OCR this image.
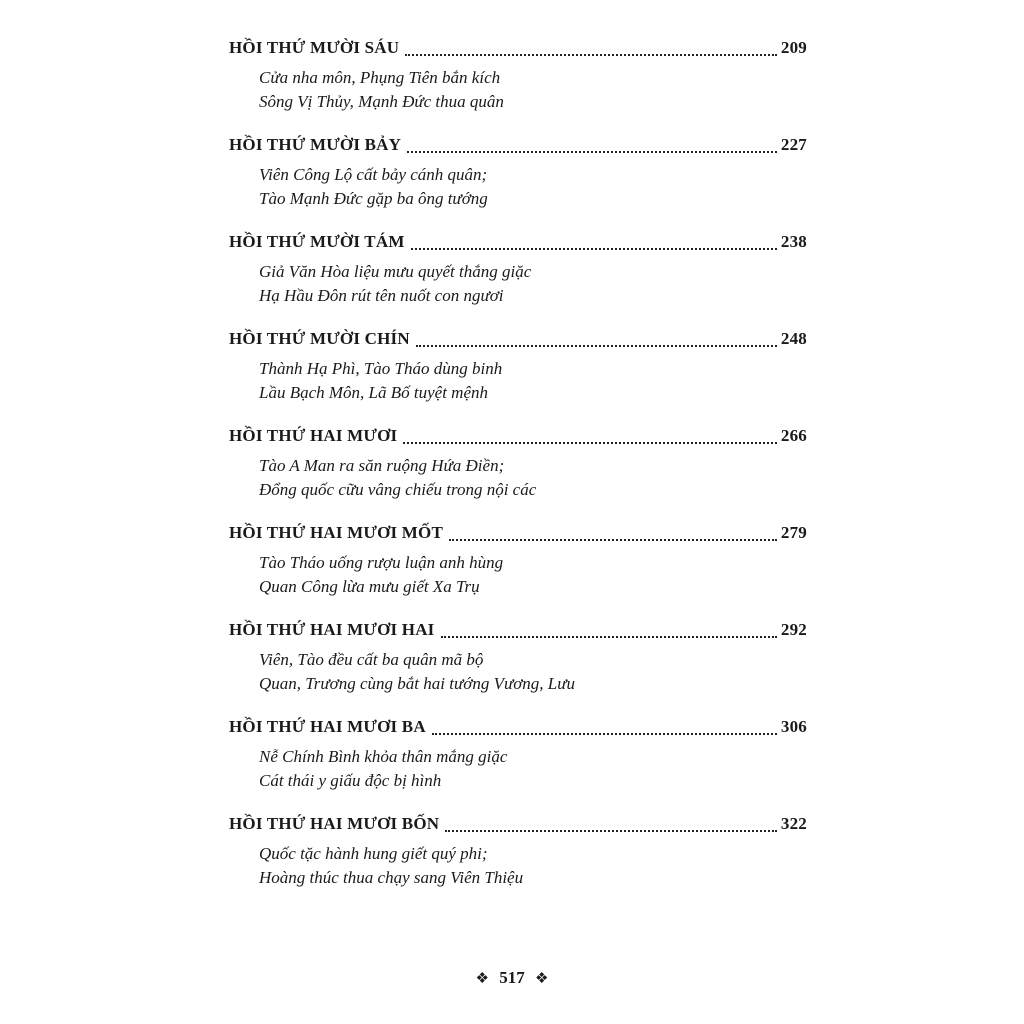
HỒI THỨ MƯỜI SÁU	209
Cửa nha môn, Phụng Tiên bắn kích
Sông Vị Thủy, Mạnh Đức thua quân
HỒI THỨ MƯỜI BẢY	227
Viên Công Lộ cất bảy cánh quân;
Tào Mạnh Đức gặp ba ông tướng
HỒI THỨ MƯỜI TÁM	238
Giả Văn Hòa liệu mưu quyết thắng giặc
Hạ Hầu Đôn rút tên nuốt con ngươi
HỒI THỨ MƯỜI CHÍN	248
Thành Hạ Phì, Tào Tháo dùng binh
Lầu Bạch Môn, Lã Bố tuyệt mệnh
HỒI THỨ HAI MƯƠI	266
Tào A Man ra săn ruộng Hứa Điền;
Đổng quốc cữu vâng chiếu trong nội các
HỒI THỨ HAI MƯƠI MỐT	279
Tào Tháo uống rượu luận anh hùng
Quan Công lừa mưu giết Xa Trụ
HỒI THỨ HAI MƯƠI HAI	292
Viên, Tào đều cất ba quân mã bộ
Quan, Trương cùng bắt hai tướng Vương, Lưu
HỒI THỨ HAI MƯƠI BA	306
Nễ Chính Bình khỏa thân mắng giặc
Cát thái y giấu độc bị hình
HỒI THỨ HAI MƯƠI BỐN	322
Quốc tặc hành hung giết quý phi;
Hoàng thúc thua chạy sang Viên Thiệu
❖ 517 ❖
